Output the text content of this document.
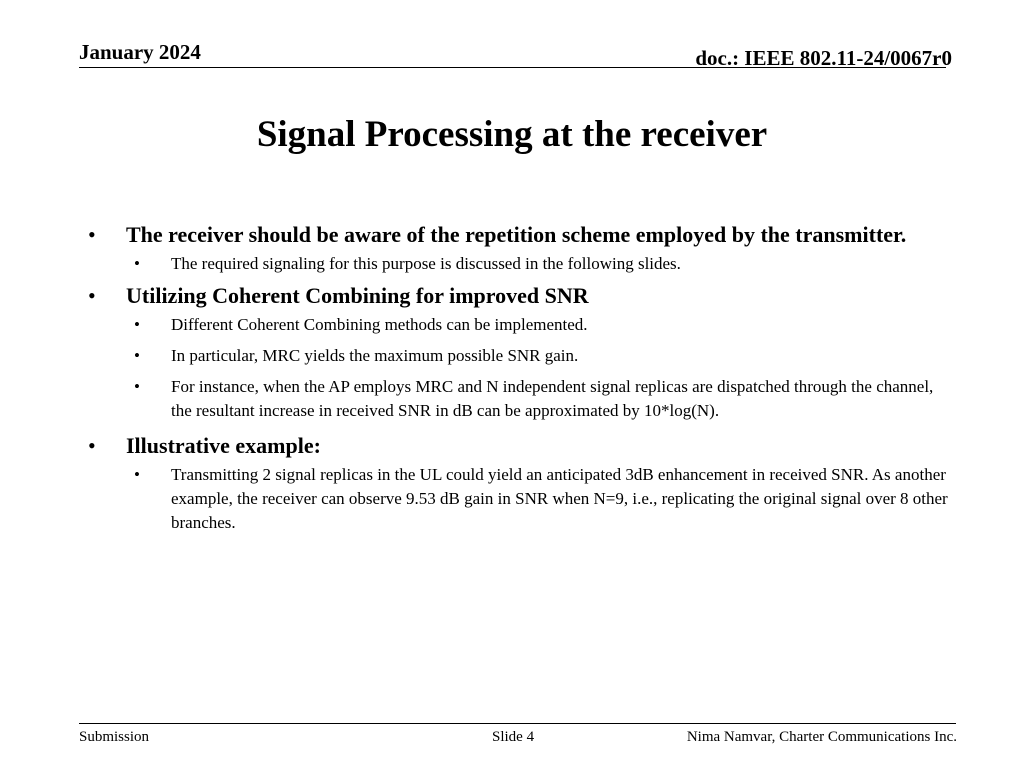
January 2024	doc.: IEEE 802.11-24/0067r0
Signal Processing at the receiver
• The receiver should be aware of the repetition scheme employed by the transmitter.
• The required signaling for this purpose is discussed in the following slides.
• Utilizing Coherent Combining for improved SNR
• Different Coherent Combining methods can be implemented.
• In particular, MRC yields the maximum possible SNR gain.
• For instance, when the AP employs MRC and N independent signal replicas are dispatched through the channel, the resultant increase in received SNR in dB can be approximated by 10*log(N).
• Illustrative example:
• Transmitting 2 signal replicas in the UL could yield an anticipated 3dB enhancement in received SNR. As another example, the receiver can observe 9.53 dB gain in SNR when N=9, i.e., replicating the original signal over 8 other branches.
Submission	Slide 4	Nima Namvar, Charter Communications Inc.
